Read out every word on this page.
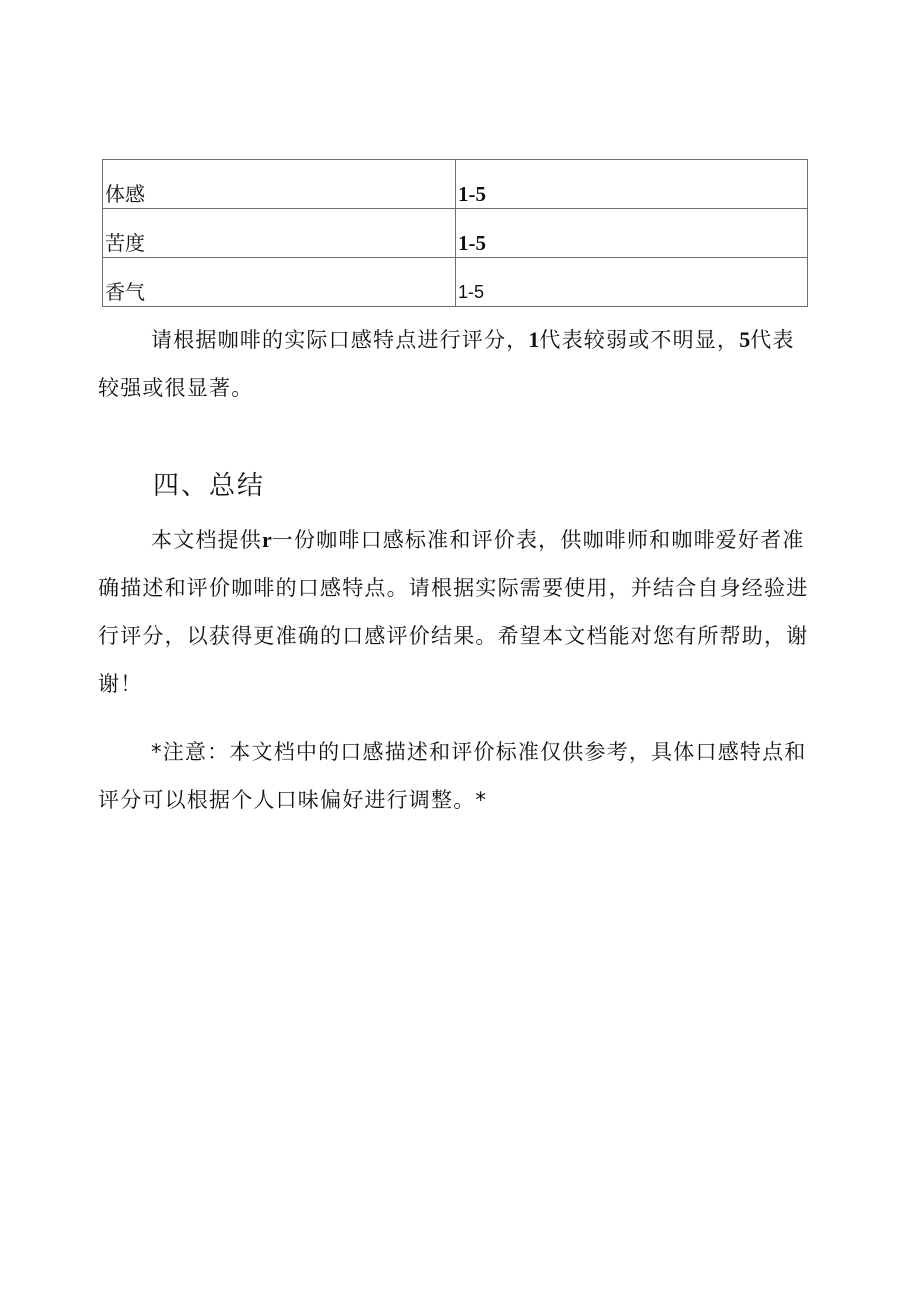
体感	1-5

苦度	1-5

香气	1-5

请根据咖啡的实际口感特点进行评分，1代表较弱或不明显，5代表较强或很显著。

四、总结

本文档提供r一份咖啡口感标准和评价表，供咖啡师和咖啡爱好者准确描述和评价咖啡的口感特点。请根据实际需要使用，并结合自身经验进行评分，以获得更准确的口感评价结果。希望本文档能对您有所帮助，谢谢！

*注意：本文档中的口感描述和评价标准仅供参考，具体口感特点和评分可以根据个人口味偏好进行调整。*
